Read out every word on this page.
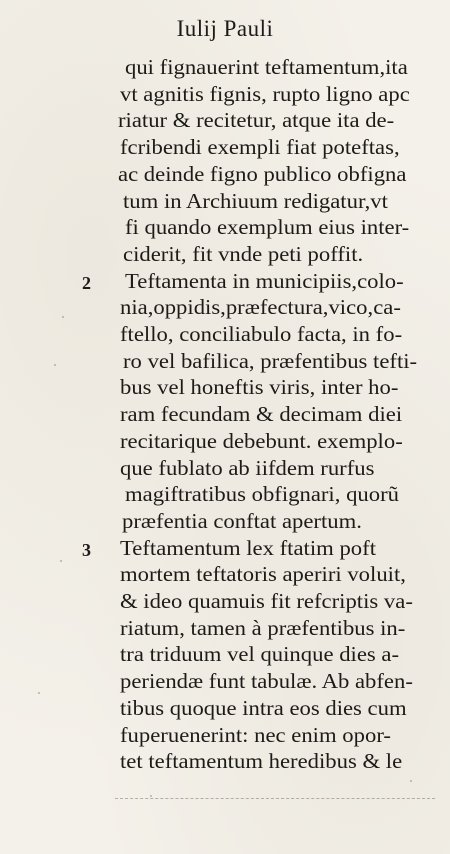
Iulij Pauli
qui fignauerint teftamentum,ita
vt agnitis fignis, rupto ligno apc
riatur & recitetur, atque ita de-
fcribendi exempli fiat poteftas,
ac deinde figno publico obfigna
tum in Archiuum redigatur,vt
fi quando exemplum eius inter-
ciderit, fit vnde peti poffit.
Teftamenta in municipiis,colo-
2
nia,oppidis,præfectura,vico,ca-
ftello, conciliabulo facta, in fo-
ro vel bafilica, præfentibus tefti-
bus vel honeftis viris, inter ho-
ram fecundam & decimam diei
recitarique debebunt. exemplo-
que fublato ab iifdem rurfus
magiftratibus obfignari, quorũ
præfentia conftat apertum.
Teftamentum lex ftatim poft
3
mortem teftatoris aperiri voluit,
& ideo quamuis fit refcriptis va-
riatum, tamen à præfentibus in-
tra triduum vel quinque dies a-
periendæ funt tabulæ. Ab abfen-
tibus quoque intra eos dies cum
fuperuenerint: nec enim opor-
tet teftamentum heredibus & le
